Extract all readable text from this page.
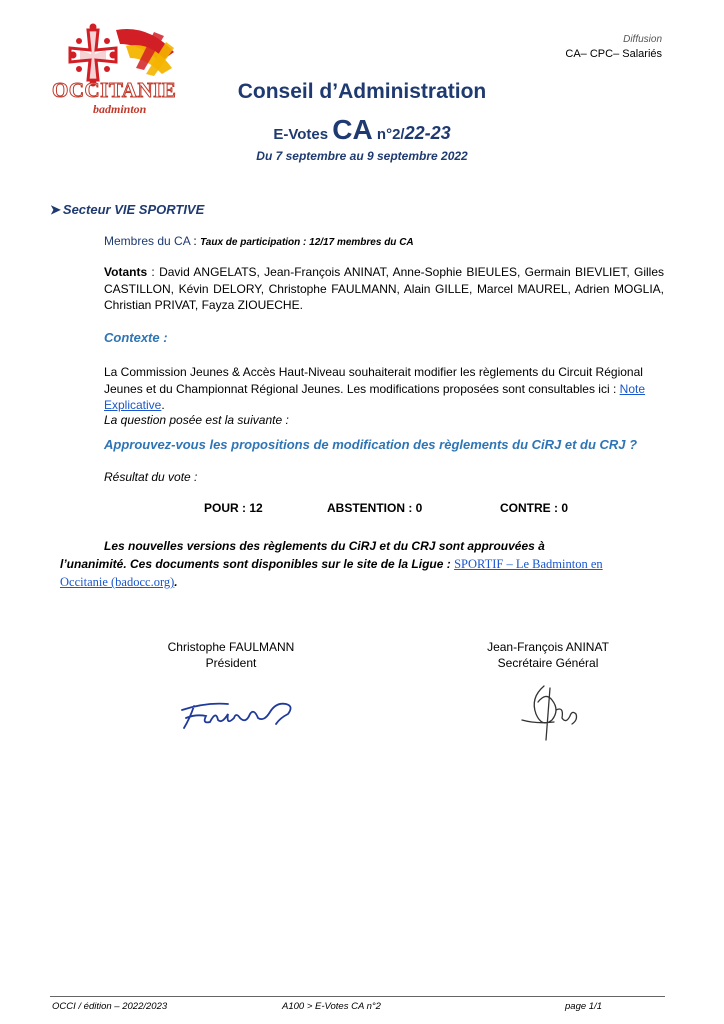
OCCITANIE
badminton
Diffusion
CA– CPC– Salariés
Conseil d’Administration
E-Votes CA n°2/22-23
Du 7 septembre au 9 septembre 2022
➤ Secteur VIE SPORTIVE
Membres du CA : Taux de participation : 12/17 membres du CA
Votants : David ANGELATS, Jean-François ANINAT, Anne-Sophie BIEULES, Germain BIEVLIET, Gilles CASTILLON, Kévin DELORY, Christophe FAULMANN, Alain GILLE, Marcel MAUREL, Adrien MOGLIA, Christian PRIVAT, Fayza ZIOUECHE.
Contexte :
La Commission Jeunes & Accès Haut-Niveau souhaiterait modifier les règlements du Circuit Régional Jeunes et du Championnat Régional Jeunes. Les modifications proposées sont consultables ici : Note Explicative.
La question posée est la suivante :
Approuvez-vous les propositions de modification des règlements du CiRJ et du CRJ ?
Résultat du vote :
POUR : 12	ABSTENTION : 0	CONTRE : 0
Les nouvelles versions des règlements du CiRJ et du CRJ sont approuvées à l’unanimité. Ces documents sont disponibles sur le site de la Ligue : SPORTIF – Le Badminton en Occitanie (badocc.org).
Christophe FAULMANN
Président
Jean-François ANINAT
Secrétaire Général
OCCI / édition – 2022/2023	A100 > E-Votes CA n°2	page 1/1
